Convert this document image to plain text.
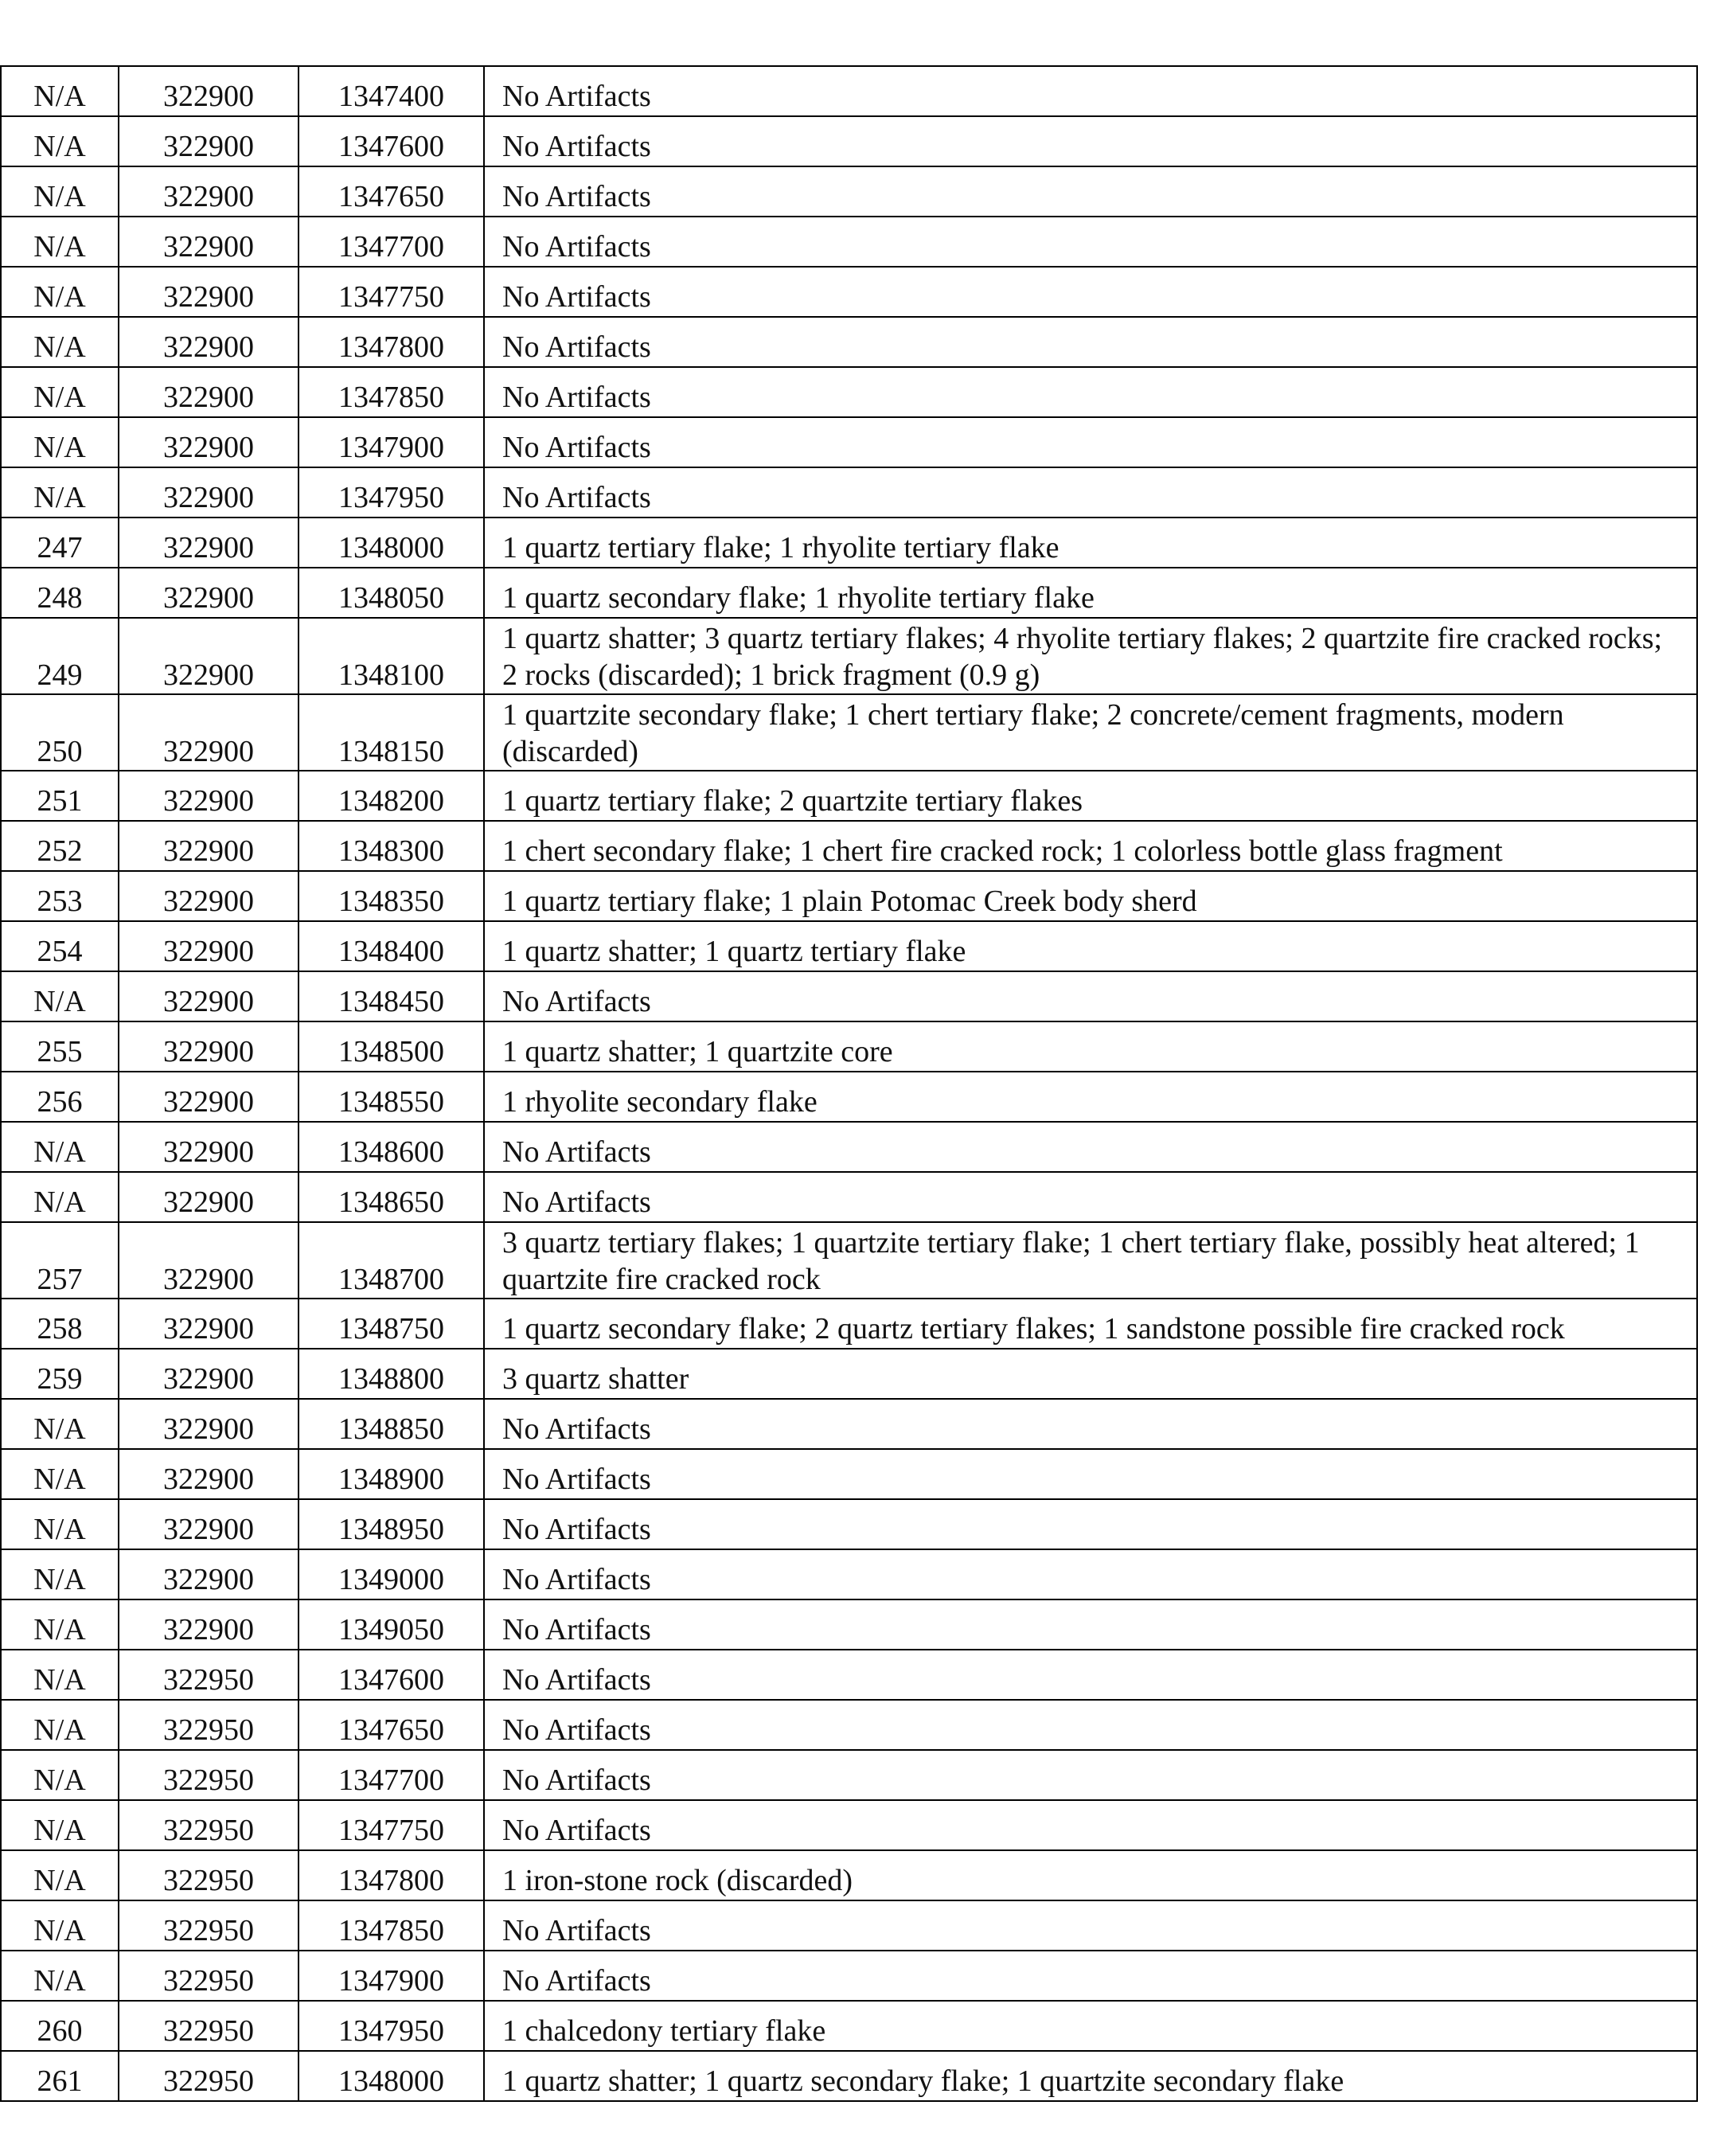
N/A	322900	1347400	No Artifacts
N/A	322900	1347600	No Artifacts
N/A	322900	1347650	No Artifacts
N/A	322900	1347700	No Artifacts
N/A	322900	1347750	No Artifacts
N/A	322900	1347800	No Artifacts
N/A	322900	1347850	No Artifacts
N/A	322900	1347900	No Artifacts
N/A	322900	1347950	No Artifacts
247	322900	1348000	1 quartz tertiary flake; 1 rhyolite tertiary flake
248	322900	1348050	1 quartz secondary flake; 1 rhyolite tertiary flake
249	322900	1348100	1 quartz shatter; 3 quartz tertiary flakes; 4 rhyolite tertiary flakes; 2 quartzite fire cracked rocks; 2 rocks (discarded); 1 brick fragment (0.9 g)
250	322900	1348150	1 quartzite secondary flake; 1 chert tertiary flake; 2 concrete/cement fragments, modern (discarded)
251	322900	1348200	1 quartz tertiary flake; 2 quartzite tertiary flakes
252	322900	1348300	1 chert secondary flake; 1 chert fire cracked rock; 1 colorless bottle glass fragment
253	322900	1348350	1 quartz tertiary flake; 1 plain Potomac Creek body sherd
254	322900	1348400	1 quartz shatter; 1 quartz tertiary flake
N/A	322900	1348450	No Artifacts
255	322900	1348500	1 quartz shatter; 1 quartzite core
256	322900	1348550	1 rhyolite secondary flake
N/A	322900	1348600	No Artifacts
N/A	322900	1348650	No Artifacts
257	322900	1348700	3 quartz tertiary flakes; 1 quartzite tertiary flake; 1 chert tertiary flake, possibly heat altered; 1 quartzite fire cracked rock
258	322900	1348750	1 quartz secondary flake; 2 quartz tertiary flakes; 1 sandstone possible fire cracked rock
259	322900	1348800	3 quartz shatter
N/A	322900	1348850	No Artifacts
N/A	322900	1348900	No Artifacts
N/A	322900	1348950	No Artifacts
N/A	322900	1349000	No Artifacts
N/A	322900	1349050	No Artifacts
N/A	322950	1347600	No Artifacts
N/A	322950	1347650	No Artifacts
N/A	322950	1347700	No Artifacts
N/A	322950	1347750	No Artifacts
N/A	322950	1347800	1 iron-stone rock (discarded)
N/A	322950	1347850	No Artifacts
N/A	322950	1347900	No Artifacts
260	322950	1347950	1 chalcedony tertiary flake
261	322950	1348000	1 quartz shatter; 1 quartz secondary flake; 1 quartzite secondary flake
